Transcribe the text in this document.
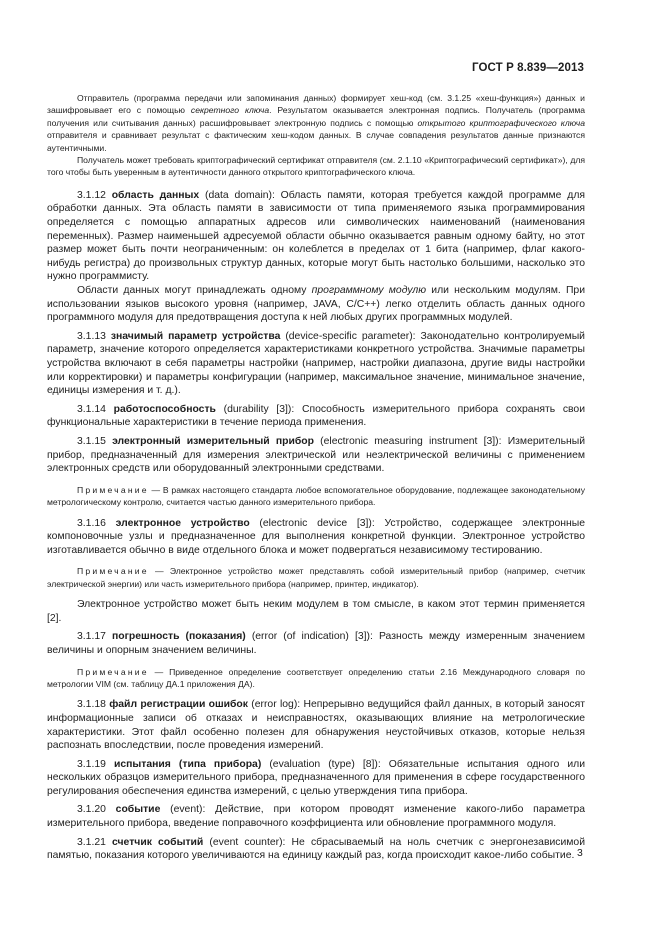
ГОСТ Р 8.839—2013

Отправитель (программа передачи или запоминания данных) формирует хеш-код (см. 3.1.25 «хеш-функция») данных и зашифровывает его с помощью секретного ключа. Результатом оказывается электронная подпись. Получатель (программа получения или считывания данных) расшифровывает электронную подпись с помощью открытого криптографического ключа отправителя и сравнивает результат с фактическим хеш-кодом данных. В случае совпадения результатов данные признаются аутентичными.

Получатель может требовать криптографический сертификат отправителя (см. 2.1.10 «Криптографический сертификат»), для того чтобы быть уверенным в аутентичности данного открытого криптографического ключа.

3.1.12 область данных (data domain): Область памяти, которая требуется каждой программе для обработки данных. Эта область памяти в зависимости от типа применяемого языка программирования определяется с помощью аппаратных адресов или символических наименований (наименования переменных). Размер наименьшей адресуемой области обычно оказывается равным одному байту, но этот размер может быть почти неограниченным: он колеблется в пределах от 1 бита (например, флаг какого-нибудь регистра) до произвольных структур данных, которые могут быть настолько большими, насколько это нужно программисту.

Области данных могут принадлежать одному программному модулю или нескольким модулям. При использовании языков высокого уровня (например, JAVA, C/C++) легко отделить область данных одного программного модуля для предотвращения доступа к ней любых других программных модулей.

3.1.13 значимый параметр устройства (device-specific parameter): Законодательно контролируемый параметр, значение которого определяется характеристиками конкретного устройства. Значимые параметры устройства включают в себя параметры настройки (например, настройки диапазона, другие виды настройки или корректировки) и параметры конфигурации (например, максимальное значение, минимальное значение, единицы измерения и т. д.).

3.1.14 работоспособность (durability [3]): Способность измерительного прибора сохранять свои функциональные характеристики в течение периода применения.

3.1.15 электронный измерительный прибор (electronic measuring instrument [3]): Измерительный прибор, предназначенный для измерения электрической или неэлектрической величины с применением электронных средств или оборудованный электронными средствами.

Примечание — В рамках настоящего стандарта любое вспомогательное оборудование, подлежащее законодательному метрологическому контролю, считается частью данного измерительного прибора.

3.1.16 электронное устройство (electronic device [3]): Устройство, содержащее электронные компоновочные узлы и предназначенное для выполнения конкретной функции. Электронное устройство изготавливается обычно в виде отдельного блока и может подвергаться независимому тестированию.

Примечание — Электронное устройство может представлять собой измерительный прибор (например, счетчик электрической энергии) или часть измерительного прибора (например, принтер, индикатор).

Электронное устройство может быть неким модулем в том смысле, в каком этот термин применяется [2].

3.1.17 погрешность (показания) (error (of indication) [3]): Разность между измеренным значением величины и опорным значением величины.

Примечание — Приведенное определение соответствует определению статьи 2.16 Международного словаря по метрологии VIM (см. таблицу ДА.1 приложения ДА).

3.1.18 файл регистрации ошибок (error log): Непрерывно ведущийся файл данных, в который заносят информационные записи об отказах и неисправностях, оказывающих влияние на метрологические характеристики. Этот файл особенно полезен для обнаружения неустойчивых отказов, которые нельзя распознать впоследствии, после проведения измерений.

3.1.19 испытания (типа прибора) (evaluation (type) [8]): Обязательные испытания одного или нескольких образцов измерительного прибора, предназначенного для применения в сфере государственного регулирования обеспечения единства измерений, с целью утверждения типа прибора.

3.1.20 событие (event): Действие, при котором проводят изменение какого-либо параметра измерительного прибора, введение поправочного коэффициента или обновление программного модуля.

3.1.21 счетчик событий (event counter): Не сбрасываемый на ноль счетчик с энергонезависимой памятью, показания которого увеличиваются на единицу каждый раз, когда происходит какое-либо событие. 3
